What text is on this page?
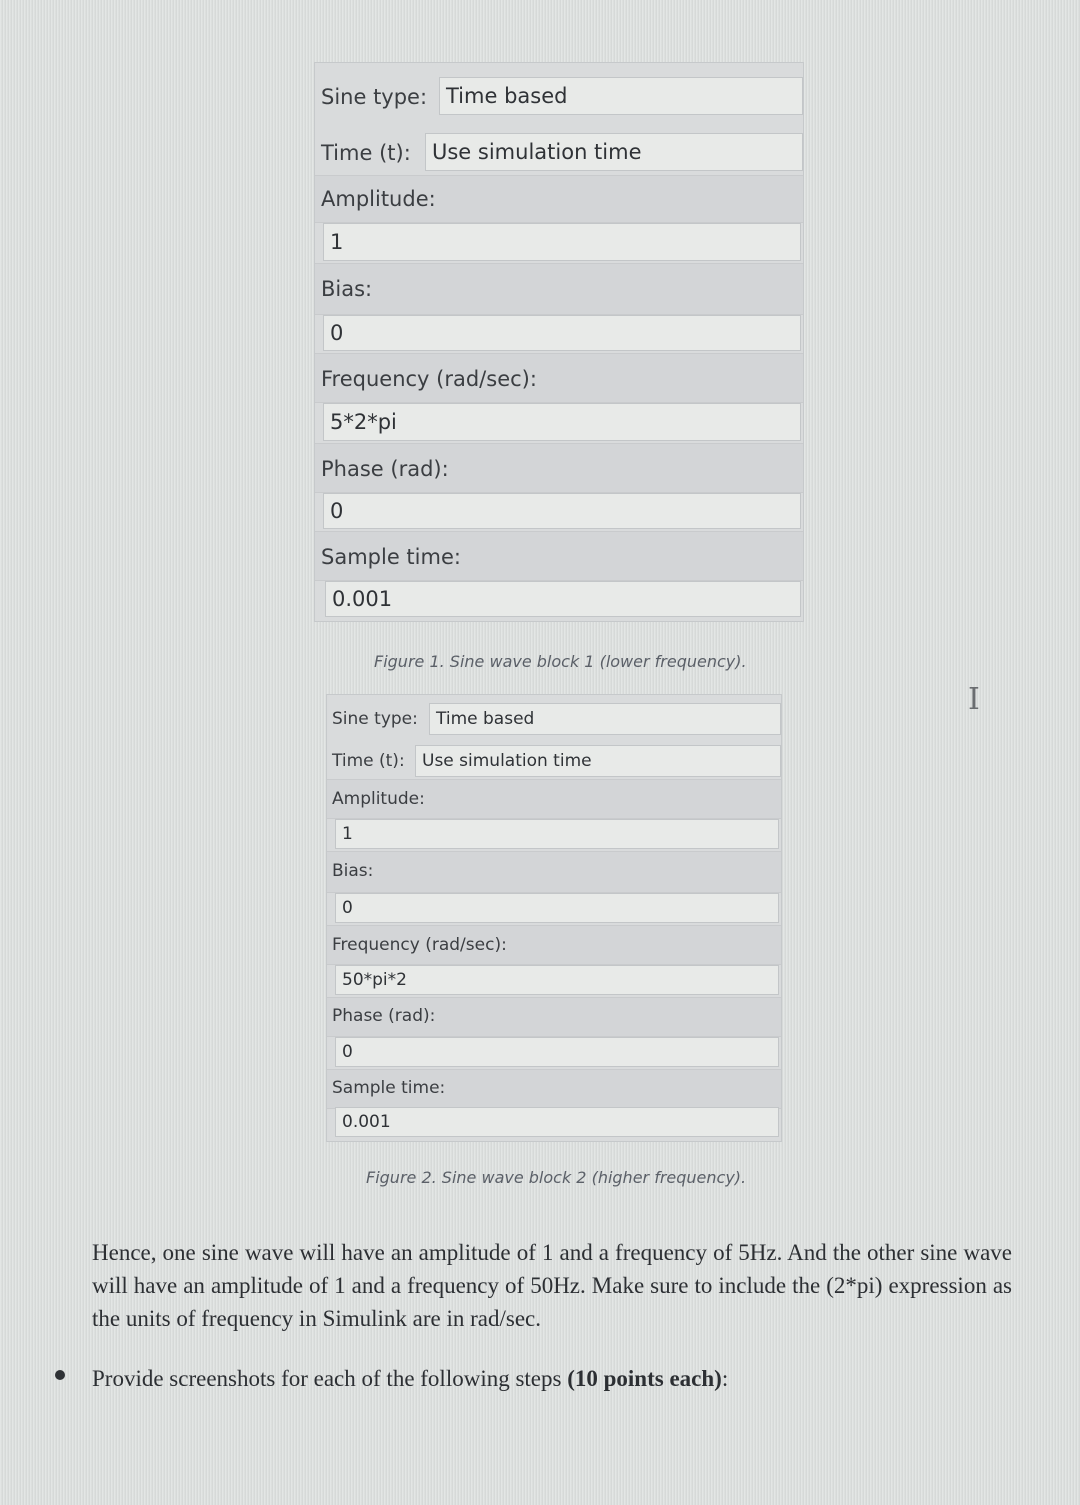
Sine type: Time based
Time (t):	Use simulation time
Amplitude:
1
Bias:
0
Frequency (rad/sec):
5*2*pi
Phase (rad):
0
Sample time:
0.001
Figure 1. Sine wave block 1 (lower frequency).
I
Sine type:	Time based
Time (t):	Use simulation time
Amplitude:
1
Bias:
0
Frequency (rad/sec):
50*pi*2
Phase (rad):
0
Sample time:
0.001
Figure 2. Sine wave block 2 (higher frequency).
Hence, one sine wave will have an amplitude of 1 and a frequency of 5Hz. And the other sine wave will have an amplitude of 1 and a frequency of 50Hz. Make sure to include the (2*pi) expression as the units of frequency in Simulink are in rad/sec.
Provide screenshots for each of the following steps (10 points each):
